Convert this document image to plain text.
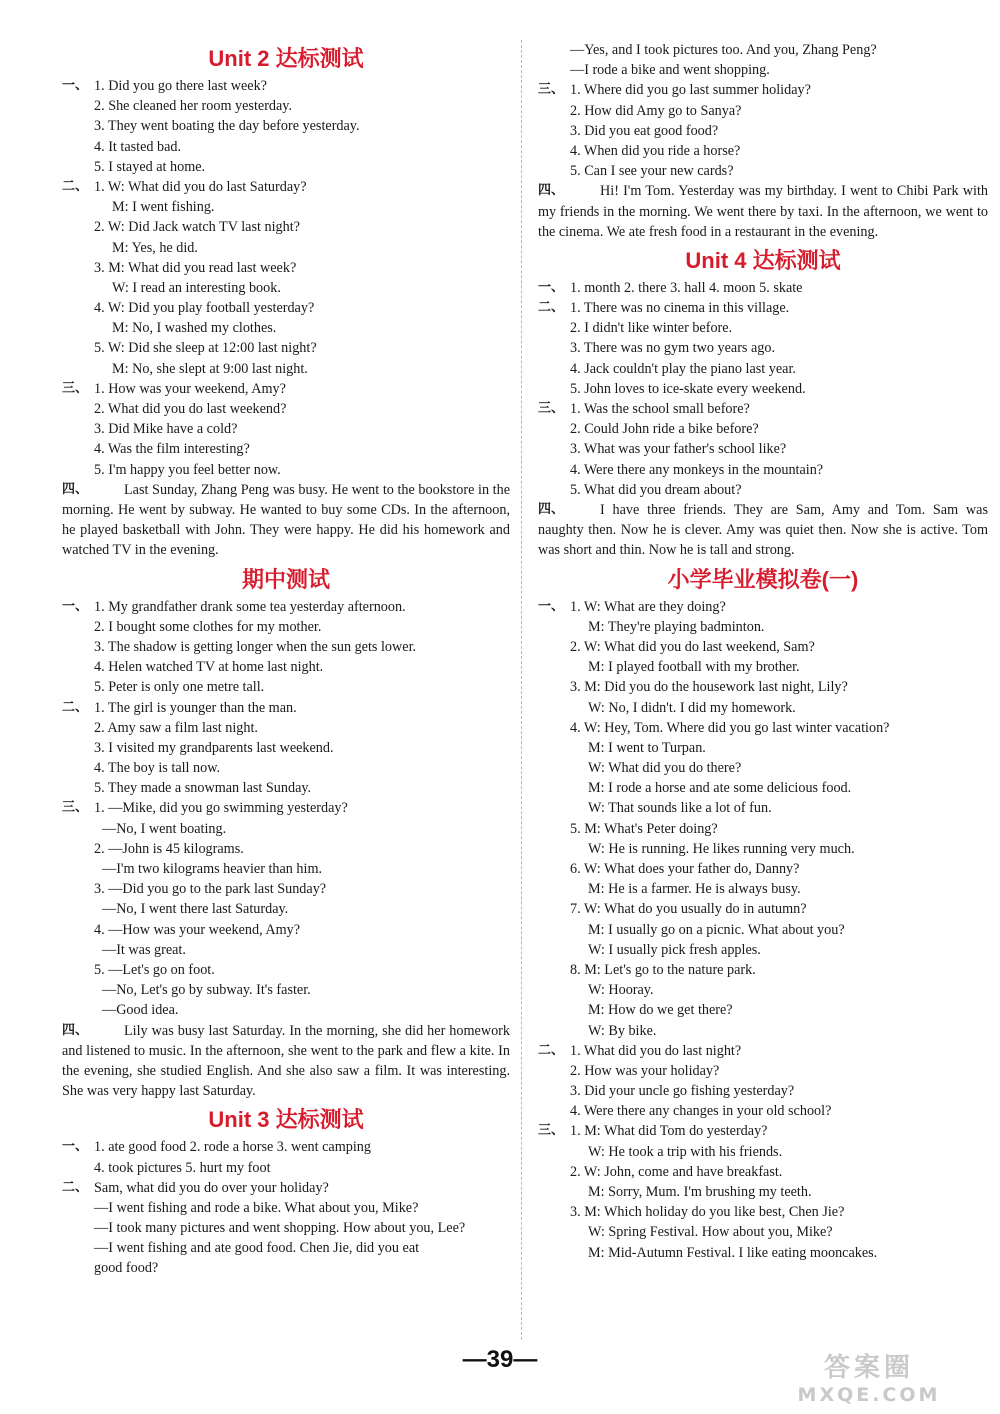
Unit 2 达标测试
一、 1. Did you go there last week?
2. She cleaned her room yesterday.
3. They went boating the day before yesterday.
4. It tasted bad.
5. I stayed at home.
二、 1. W: What did you do last Saturday?
M: I went fishing.
2. W: Did Jack watch TV last night?
M: Yes, he did.
3. M: What did you read last week?
W: I read an interesting book.
4. W: Did you play football yesterday?
M: No, I washed my clothes.
5. W: Did she sleep at 12:00 last night?
M: No, she slept at 9:00 last night.
三、 1. How was your weekend, Amy?
2. What did you do last weekend?
3. Did Mike have a cold?
4. Was the film interesting?
5. I'm happy you feel better now.
四、	Last Sunday, Zhang Peng was busy. He went to the bookstore in the morning. He went by subway. He wanted to buy some CDs. In the afternoon, he played basketball with John. They were happy. He did his homework and watched TV in the evening.
期中测试
一、 1. My grandfather drank some tea yesterday afternoon.
2. I bought some clothes for my mother.
3. The shadow is getting longer when the sun gets lower.
4. Helen watched TV at home last night.
5. Peter is only one metre tall.
二、 1. The girl is younger than the man.
2. Amy saw a film last night.
3. I visited my grandparents last weekend.
4. The boy is tall now.
5. They made a snowman last Sunday.
三、 1. —Mike, did you go swimming yesterday?
—No, I went boating.
2. —John is 45 kilograms.
—I'm two kilograms heavier than him.
3. —Did you go to the park last Sunday?
—No, I went there last Saturday.
4. —How was your weekend, Amy?
—It was great.
5. —Let's go on foot.
—No, Let's go by subway. It's faster.
—Good idea.
四、	Lily was busy last Saturday. In the morning, she did her homework and listened to music. In the afternoon, she went to the park and flew a kite. In the evening, she studied English. And she also saw a film. It was interesting. She was very happy last Saturday.
Unit 3 达标测试
一、 1. ate good food 2. rode a horse 3. went camping
4. took pictures 5. hurt my foot
二、 Sam, what did you do over your holiday?
—I went fishing and rode a bike. What about you, Mike?
—I took many pictures and went shopping. How about you, Lee?
—I went fishing and ate good food. Chen Jie, did you eat
good food?
—Yes, and I took pictures too. And you, Zhang Peng?
—I rode a bike and went shopping.
三、 1. Where did you go last summer holiday?
2. How did Amy go to Sanya?
3. Did you eat good food?
4. When did you ride a horse?
5. Can I see your new cards?
四、	Hi! I'm Tom. Yesterday was my birthday. I went to Chibi Park with my friends in the morning. We went there by taxi. In the afternoon, we went to the cinema. We ate fresh food in a restaurant in the evening.
Unit 4 达标测试
一、 1. month 2. there 3. hall 4. moon 5. skate
二、 1. There was no cinema in this village.
2. I didn't like winter before.
3. There was no gym two years ago.
4. Jack couldn't play the piano last year.
5. John loves to ice-skate every weekend.
三、 1. Was the school small before?
2. Could John ride a bike before?
3. What was your father's school like?
4. Were there any monkeys in the mountain?
5. What did you dream about?
四、	I have three friends. They are Sam, Amy and Tom. Sam was naughty then. Now he is clever. Amy was quiet then. Now she is active. Tom was short and thin. Now he is tall and strong.
小学毕业模拟卷(一)
一、 1. W: What are they doing?
M: They're playing badminton.
2. W: What did you do last weekend, Sam?
M: I played football with my brother.
3. M: Did you do the housework last night, Lily?
W: No, I didn't. I did my homework.
4. W: Hey, Tom. Where did you go last winter vacation?
M: I went to Turpan.
W: What did you do there?
M: I rode a horse and ate some delicious food.
W: That sounds like a lot of fun.
5. M: What's Peter doing?
W: He is running. He likes running very much.
6. W: What does your father do, Danny?
M: He is a farmer. He is always busy.
7. W: What do you usually do in autumn?
M: I usually go on a picnic. What about you?
W: I usually pick fresh apples.
8. M: Let's go to the nature park.
W: Hooray.
M: How do we get there?
W: By bike.
二、 1. What did you do last night?
2. How was your holiday?
3. Did your uncle go fishing yesterday?
4. Were there any changes in your old school?
三、 1. M: What did Tom do yesterday?
W: He took a trip with his friends.
2. W: John, come and have breakfast.
M: Sorry, Mum. I'm brushing my teeth.
3. M: Which holiday do you like best, Chen Jie?
W: Spring Festival. How about you, Mike?
M: Mid-Autumn Festival. I like eating mooncakes.
—39—	答案圈
MXQE.COM
